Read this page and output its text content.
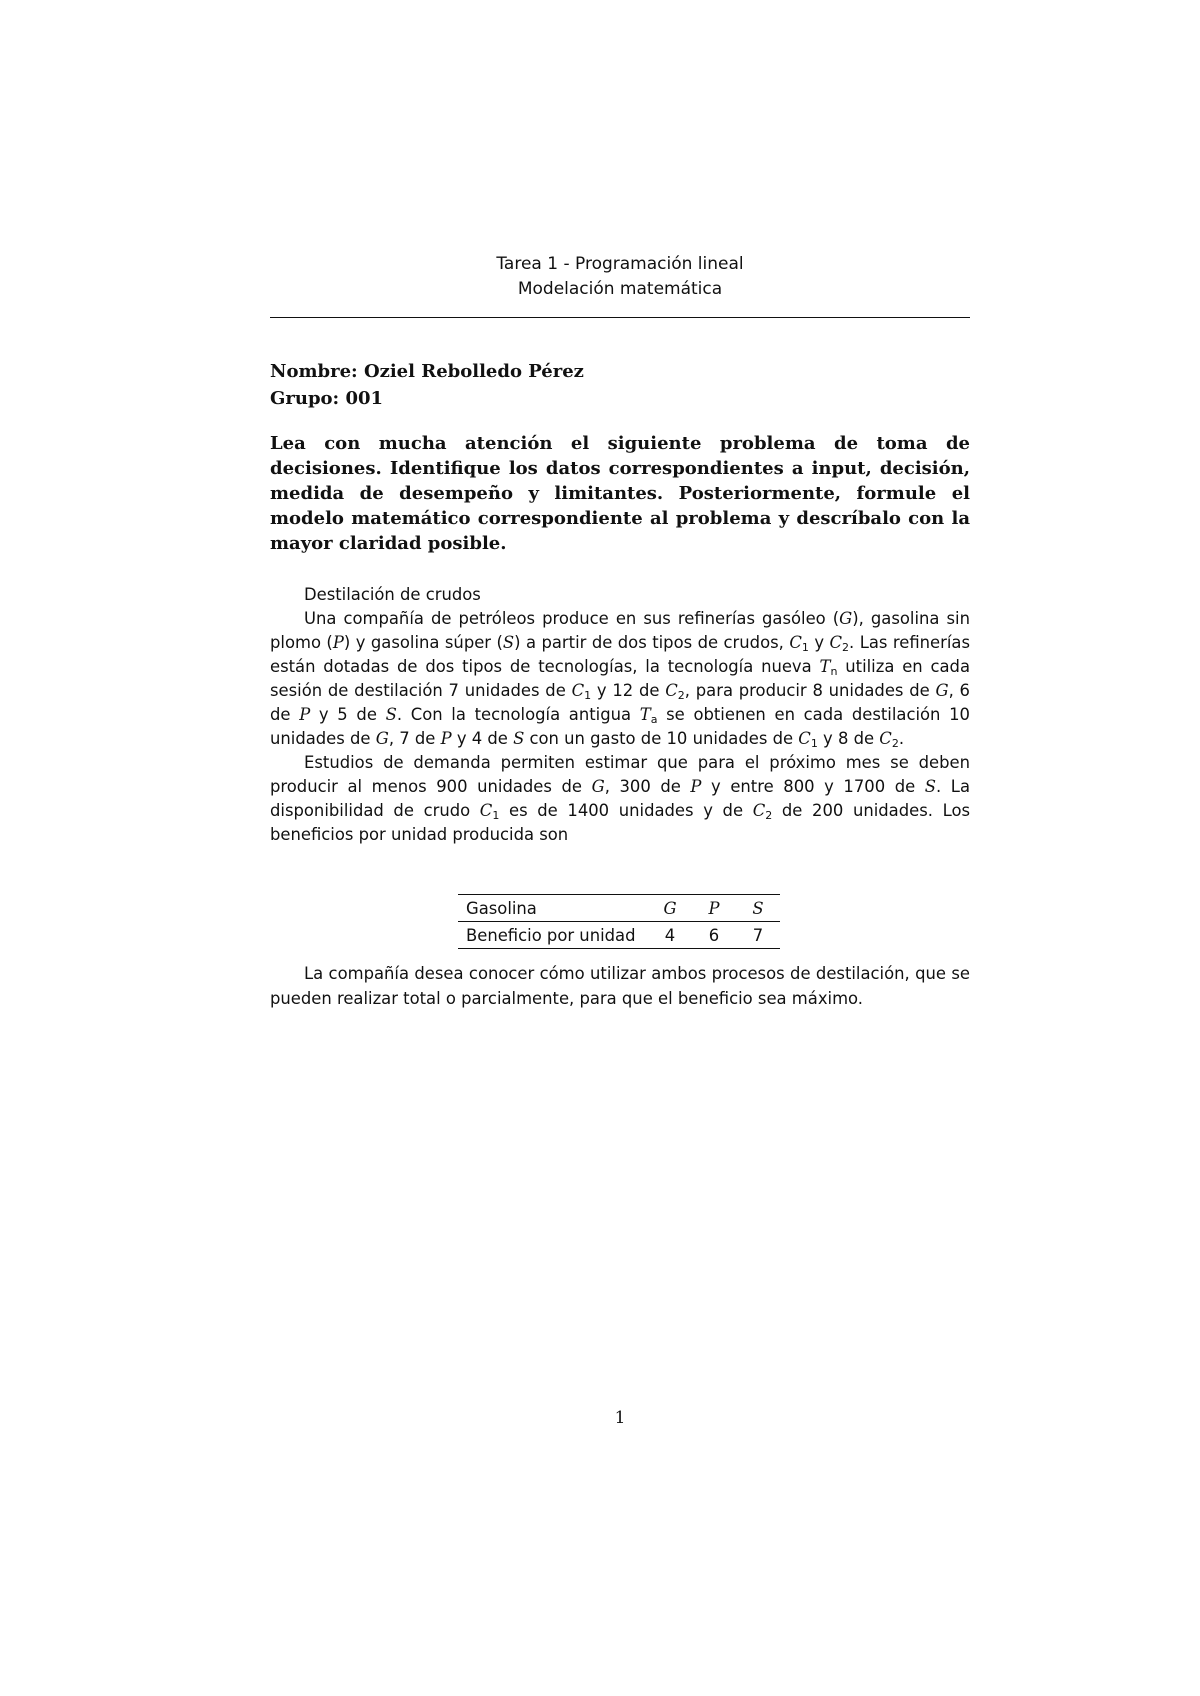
Tarea 1 - Programación lineal
Modelación matemática
Nombre: Oziel Rebolledo Pérez
Grupo: 001
Lea con mucha atención el siguiente problema de toma de decisiones. Identifique los datos correspondientes a input, decisión, medida de desempeño y limitantes. Posteriormente, formule el modelo matemático correspondiente al problema y descríbalo con la mayor claridad posible.

Destilación de crudos

Una compañía de petróleos produce en sus refinerías gasóleo (G), gasolina sin plomo (P) y gasolina súper (S) a partir de dos tipos de crudos, $C_1$ y $C_2$. Las refinerías están dotadas de dos tipos de tecnologías, la tecnología nueva $T_n$ utiliza en cada sesión de destilación 7 unidades de $C_1$ y 12 de $C_2$, para producir 8 unidades de G, 6 de P y 5 de S. Con la tecnología antigua $T_a$ se obtienen en cada destilación 10 unidades de G, 7 de P y 4 de S con un gasto de 10 unidades de $C_1$ y 8 de $C_2$.

Estudios de demanda permiten estimar que para el próximo mes se deben producir al menos 900 unidades de G, 300 de P y entre 800 y 1700 de S. La disponibilidad de crudo $C_1$ es de 1400 unidades y de $C_2$ de 200 unidades. Los beneficios por unidad producida son

Gasolina	G	P	S
Beneficio por unidad	4	6	7

La compañía desea conocer cómo utilizar ambos procesos de destilación, que se pueden realizar total o parcialmente, para que el beneficio sea máximo.

1
